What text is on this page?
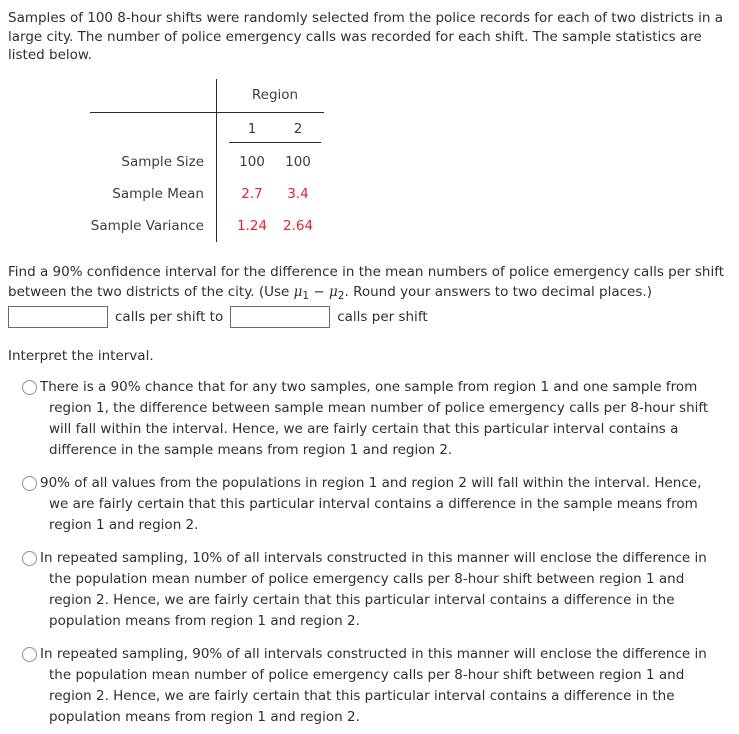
Samples of 100 8-hour shifts were randomly selected from the police records for each of two districts in a large city. The number of police emergency calls was recorded for each shift. The sample statistics are listed below.

Region
1	2
Sample Size	100	100
Sample Mean	2.7	3.4
Sample Variance	1.24	2.64

Find a 90% confidence interval for the difference in the mean numbers of police emergency calls per shift between the two districts of the city. (Use $\mu_1 - \mu_2$. Round your answers to two decimal places.)

calls per shift to	calls per shift

Interpret the interval.

There is a 90% chance that for any two samples, one sample from region 1 and one sample from region 1, the difference between sample mean number of police emergency calls per 8-hour shift will fall within the interval. Hence, we are fairly certain that this particular interval contains a difference in the sample means from region 1 and region 2.
90% of all values from the populations in region 1 and region 2 will fall within the interval. Hence, we are fairly certain that this particular interval contains a difference in the sample means from region 1 and region 2.
In repeated sampling, 10% of all intervals constructed in this manner will enclose the difference in the population mean number of police emergency calls per 8-hour shift between region 1 and region 2. Hence, we are fairly certain that this particular interval contains a difference in the population means from region 1 and region 2.
In repeated sampling, 90% of all intervals constructed in this manner will enclose the difference in the population mean number of police emergency calls per 8-hour shift between region 1 and region 2. Hence, we are fairly certain that this particular interval contains a difference in the population means from region 1 and region 2.
